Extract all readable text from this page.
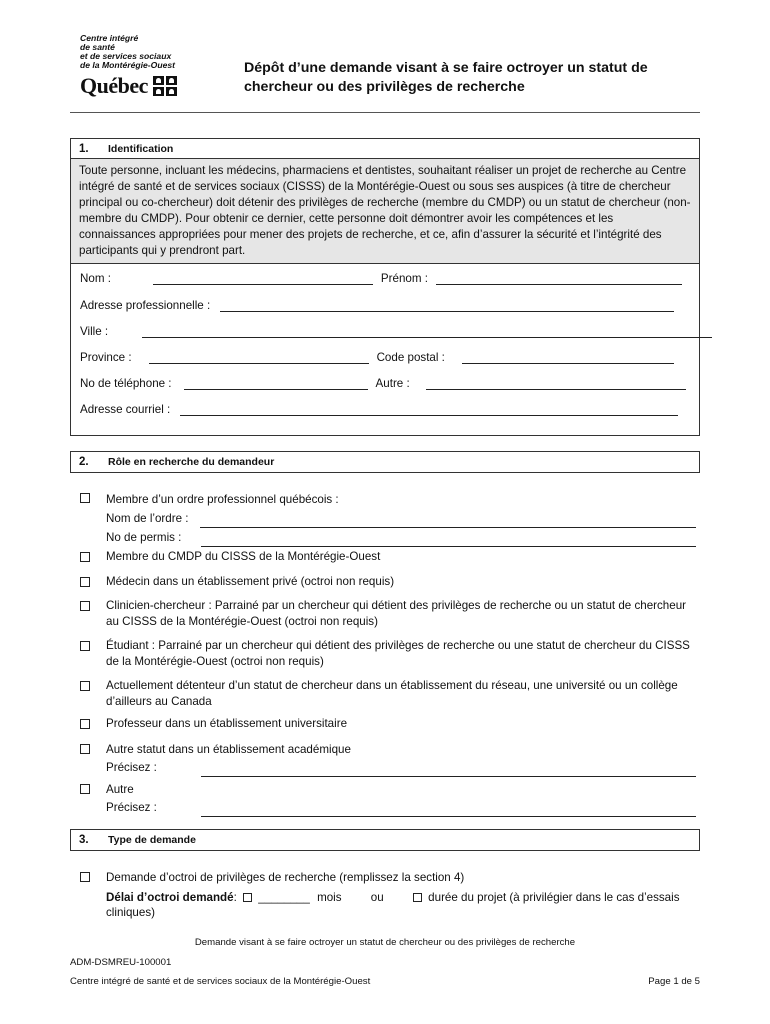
Centre intégré
de santé
et de services sociaux
de la Montérégie-Ouest
Québec
Dépôt d’une demande visant à se faire octroyer un statut de chercheur ou des privilèges de recherche
1.	Identification
Toute personne, incluant les médecins, pharmaciens et dentistes, souhaitant réaliser un projet de recherche au Centre intégré de santé et de services sociaux (CISSS) de la Montérégie-Ouest ou sous ses auspices (à titre de chercheur principal ou co-chercheur) doit détenir des privilèges de recherche (membre du CMDP) ou un statut de chercheur (non-membre du CMDP). Pour obtenir ce dernier, cette personne doit démontrer avoir les compétences et les connaissances appropriées pour mener des projets de recherche, et ce, afin d’assurer la sécurité et l’intégrité des participants qui y prendront part.
Nom :	Prénom :
Adresse professionnelle :
Ville :
Province :	Code postal :
No de téléphone :	Autre :
Adresse courriel :
2.	Rôle en recherche du demandeur
Membre d’un ordre professionnel québécois :
Nom de l’ordre :
No de permis :
Membre du CMDP du CISSS de la Montérégie-Ouest
Médecin dans un établissement privé (octroi non requis)
Clinicien-chercheur : Parrainé par un chercheur qui détient des privilèges de recherche ou un statut de chercheur au CISSS de la Montérégie-Ouest (octroi non requis)
Étudiant : Parrainé par un chercheur qui détient des privilèges de recherche ou une statut de chercheur du CISSS de la Montérégie-Ouest (octroi non requis)
Actuellement détenteur d’un statut de chercheur dans un établissement du réseau, une université ou un collège d’ailleurs au Canada
Professeur dans un établissement universitaire
Autre statut dans un établissement académique
Précisez :
Autre
Précisez :
3.	Type de demande
Demande d’octroi de privilèges de recherche (remplissez la section 4)
Délai d’octroi demandé:  ________ mois	ou	durée du projet (à privilégier dans le cas d’essais cliniques)
Demande visant à se faire octroyer un statut de chercheur ou des privilèges de recherche
ADM-DSMREU-100001
Centre intégré de santé et de services sociaux de la Montérégie-Ouest	Page 1 de 5
